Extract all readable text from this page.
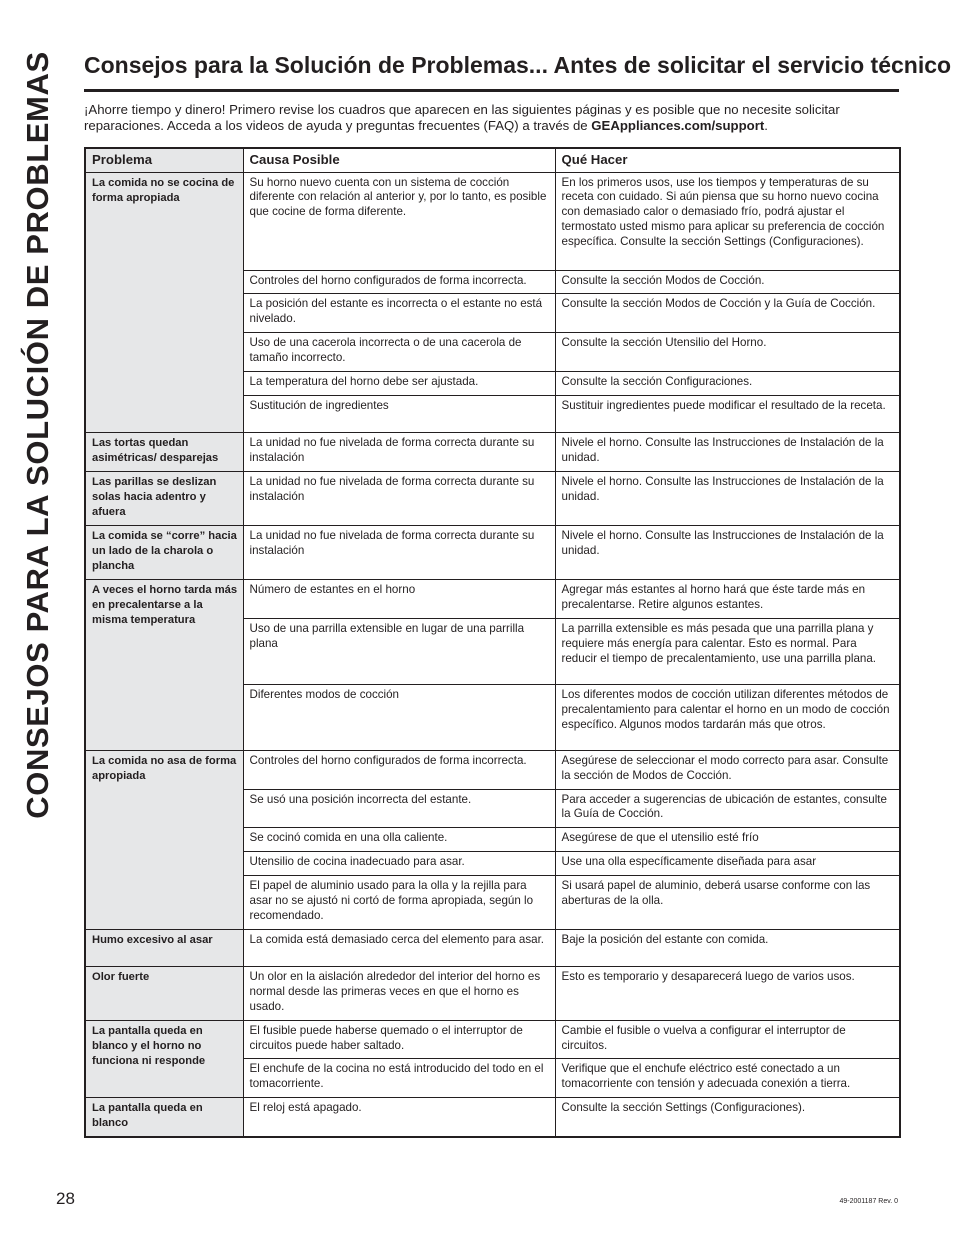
CONSEJOS PARA LA SOLUCIÓN DE PROBLEMAS Consejos para la Solución de Problemas... Antes de solicitar el servicio técnico

¡Ahorre tiempo y dinero! Primero revise los cuadros que aparecen en las siguientes páginas y es posible que no necesite solicitar reparaciones. Acceda a los videos de ayuda y preguntas frecuentes (FAQ) a través de GEAppliances.com/support.

Problema	Causa Posible	Qué Hacer
La comida no se cocina de forma apropiada	Su horno nuevo cuenta con un sistema de cocción diferente con relación al anterior y, por lo tanto, es posible que cocine de forma diferente.	En los primeros usos, use los tiempos y temperaturas de su receta con cuidado. Si aún piensa que su horno nuevo cocina con demasiado calor o demasiado frío, podrá ajustar el termostato usted mismo para aplicar su preferencia de cocción específica. Consulte la sección Settings (Configuraciones).
	Controles del horno configurados de forma incorrecta.	Consulte la sección Modos de Cocción.
	La posición del estante es incorrecta o el estante no está nivelado.	Consulte la sección Modos de Cocción y la Guía de Cocción.
	Uso de una cacerola incorrecta o de una cacerola de tamaño incorrecto.	Consulte la sección Utensilio del Horno.
	La temperatura del horno debe ser ajustada.	Consulte la sección Configuraciones.
	Sustitución de ingredientes	Sustituir ingredientes puede modificar el resultado de la receta.
Las tortas quedan asimétricas/ desparejas	La unidad no fue nivelada de forma correcta durante su instalación	Nivele el horno. Consulte las Instrucciones de Instalación de la unidad.
Las parillas se deslizan solas hacia adentro y afuera	La unidad no fue nivelada de forma correcta durante su instalación	Nivele el horno. Consulte las Instrucciones de Instalación de la unidad.
La comida se “corre” hacia un lado de la charola o plancha	La unidad no fue nivelada de forma correcta durante su instalación	Nivele el horno. Consulte las Instrucciones de Instalación de la unidad.
A veces el horno tarda más en precalentarse a la misma temperatura	Número de estantes en el horno	Agregar más estantes al horno hará que éste tarde más en precalentarse. Retire algunos estantes.
	Uso de una parrilla extensible en lugar de una parrilla plana	La parrilla extensible es más pesada que una parrilla plana y requiere más energía para calentar. Esto es normal. Para reducir el tiempo de precalentamiento, use una parrilla plana.
	Diferentes modos de cocción	Los diferentes modos de cocción utilizan diferentes métodos de precalentamiento para calentar el horno en un modo de cocción específico. Algunos modos tardarán más que otros.
La comida no asa de forma apropiada	Controles del horno configurados de forma incorrecta.	Asegúrese de seleccionar el modo correcto para asar. Consulte la sección de Modos de Cocción.
	Se usó una posición incorrecta del estante.	Para acceder a sugerencias de ubicación de estantes, consulte la Guía de Cocción.
	Se cocinó comida en una olla caliente.	Asegúrese de que el utensilio esté frío
	Utensilio de cocina inadecuado para asar.	Use una olla específicamente diseñada para asar
	El papel de aluminio usado para la olla y la rejilla para asar no se ajustó ni cortó de forma apropiada, según lo recomendado.	Si usará papel de aluminio, deberá usarse conforme con las aberturas de la olla.
Humo excesivo al asar	La comida está demasiado cerca del elemento para asar.	Baje la posición del estante con comida.
Olor fuerte	Un olor en la aislación alrededor del interior del horno es normal desde las primeras veces en que el horno es usado.	Esto es temporario y desaparecerá luego de varios usos.
La pantalla queda en blanco y el horno no funciona ni responde	El fusible puede haberse quemado o el interruptor de circuitos puede haber saltado.	Cambie el fusible o vuelva a configurar el interruptor de circuitos.
	El enchufe de la cocina no está introducido del todo en el tomacorriente.	Verifique que el enchufe eléctrico esté conectado a un tomacorriente con tensión y adecuada conexión a tierra.
La pantalla queda en blanco	El reloj está apagado.	Consulte la sección Settings (Configuraciones).
28	49-2001187 Rev. 0
